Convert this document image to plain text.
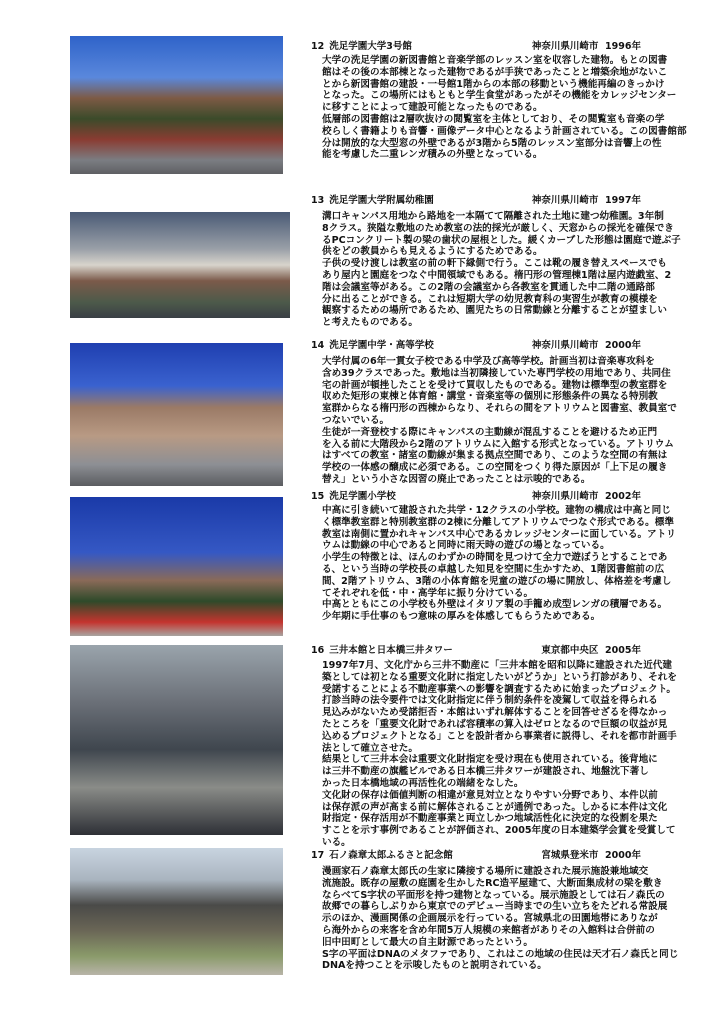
12 洗足学園大学3号館	神奈川県川崎市 1996年
大学の洗足学園の新図書館と音楽学部のレッスン室を収容した建物。もとの図書
館はその後の本部棟となった建物であるが手狭であったことと増築余地がないこ
とから新図書館の建設・一号館1階からの本部の移動という機能再編のきっかけ
となった。この場所にはもともと学生食堂があったがその機能をカレッジセンター
に移すことによって建設可能となったものである。
低層部の図書館は2層吹抜けの閲覧室を主体としており、その閲覧室も音楽の学
校らしく書籍よりも音響・画像データ中心となるよう計画されている。この図書館部
分は開放的な大型窓の外壁であるが3階から5階のレッスン室部分は音響上の性
能を考慮した二重レンガ積みの外壁となっている。
13 洗足学園大学附属幼稚園	神奈川県川崎市 1997年
溝口キャンパス用地から路地を一本隔てて隔離された土地に建つ幼稚園。3年制
8クラス。狭隘な敷地のため教室の法的採光が厳しく、天窓からの採光を確保でき
るPCコンクリート製の梁の歯状の屋根とした。緩くカーブした形態は園庭で遊ぶ子
供をどの教員からも見えるようにするためである。
子供の受け渡しは教室の前の軒下縁側で行う。ここは靴の履き替えスペースでも
あり屋内と園庭をつなぐ中間領域でもある。楕円形の管理棟1階は屋内遊戯室、2
階は会議室等がある。この2階の会議室から各教室を貫通した中二階の通路部
分に出ることができる。これは短期大学の幼児教育科の実習生が教育の模様を
観察するための場所であるため、園児たちの日常動線と分離することが望ましい
と考えたものである。
14 洗足学園中学・高等学校	神奈川県川崎市 2000年
大学付属の6年一貫女子校である中学及び高等学校。計画当初は音楽専攻科を
含め39クラスであった。敷地は当初隣接していた専門学校の用地であり、共同住
宅の計画が頓挫したことを受けて買収したものである。建物は標準型の教室群を
収めた矩形の東棟と体育館・講堂・音楽室等の個別に形態条件の異なる特別教
室群からなる楕円形の西棟からなり、それらの間をアトリウムと図書室、教員室で
つないでいる。
生徒が一斉登校する際にキャンパスの主動線が混乱することを避けるため正門
を入る前に大階段から2階のアトリウムに入館する形式となっている。アトリウム
はすべての教室・諸室の動線が集まる拠点空間であり、このような空間の有無は
学校の一体感の醸成に必須である。この空間をつくり得た原因が「上下足の履き
替え」という小さな因習の廃止であったことは示唆的である。
15 洗足学園小学校	神奈川県川崎市 2002年
中高に引き続いて建設された共学・12クラスの小学校。建物の構成は中高と同じ
く標準教室群と特別教室群の2棟に分離してアトリウムでつなぐ形式である。標準
教室は南側に置かれキャンパス中心であるカレッジセンターに面している。アトリ
ウムは動線の中心であると同時に雨天時の遊びの場となっている。
小学生の特徴とは、ほんのわずかの時間を見つけて全力で遊ぼうとすることであ
る、という当時の学校長の卓越した知見を空間に生かすため、1階図書館前の広
間、2階アトリウム、3階の小体育館を児童の遊びの場に開放し、体格差を考慮し
てそれぞれを低・中・高学年に振り分けている。
中高とともにこの小学校も外壁はイタリア製の手籠め成型レンガの積層である。
少年期に手仕事のもつ意味の厚みを体感してもらうためである。
16 三井本館と日本橋三井タワー	東京都中央区 2005年
1997年7月、文化庁から三井不動産に「三井本館を昭和以降に建設された近代建
築としては初となる重要文化財に指定したいがどうか」という打診があり、それを
受諾することによる不動産事業への影響を調査するために始まったプロジェクト。
打診当時の法令要件では文化財指定に伴う制約条件を凌駕して収益を得られる
見込みがないため受諾拒否・本館はいずれ解体することを回答せざるを得なかっ
たところを「重要文化財であれば容積率の算入はゼロとなるので巨額の収益が見
込めるプロジェクトとなる」ことを設計者から事業者に説得し、それを都市計画手
法として確立させた。
結果として三井本会は重要文化財指定を受け現在も使用されている。後背地に
は三井不動産の旗艦ビルである日本橋三井タワーが建設され、地盤沈下著し
かった日本橋地域の再活性化の端緒をなした。
文化財の保存は価値判断の相違が意見対立となりやすい分野であり、本件以前
は保存派の声が高まる前に解体されることが通例であった。しかるに本件は文化
財指定・保存活用が不動産事業と両立しかつ地域活性化に決定的な役割を果た
すことを示す事例であることが評価され、2005年度の日本建築学会賞を受賞して
いる。
17 石ノ森章太郎ふるさと記念館	宮城県登米市 2000年
漫画家石ノ森章太郎氏の生家に隣接する場所に建設された展示施設兼地域交
流施設。既存の屋敷の庭園を生かしたRC造平屋建て、大断面集成材の梁を敷き
ならべてS字状の平面形を持つ建物となっている。展示施設としては石ノ森氏の
故郷での暮らしぶりから東京でのデビュー当時までの生い立ちをたどれる常設展
示のほか、漫画関係の企画展示を行っている。宮城県北の田園地帯にありなが
ら海外からの来客を含め年間5万人規模の来館者がありその入館料は合併前の
旧中田町として最大の自主財源であったという。
S字の平面はDNAのメタファであり、これはこの地域の住民は天才石ノ森氏と同じ
DNAを持つことを示唆したものと説明されている。
